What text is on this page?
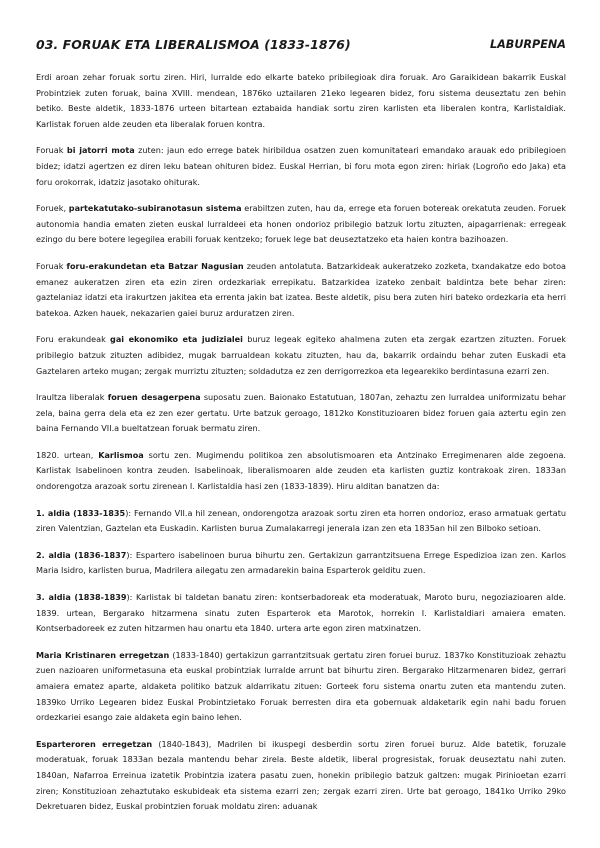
03. FORUAK ETA LIBERALISMOA (1833-1876)	LABURPENA

Erdi aroan zehar foruak sortu ziren. Hiri, lurralde edo elkarte bateko pribilegioak dira foruak. Aro Garaikidean bakarrik Euskal Probintziek zuten foruak, baina XVIII. mendean, 1876ko uztailaren 21eko legearen bidez, foru sistema deuseztatu zen behin betiko. Beste aldetik, 1833-1876 urteen bitartean eztabaida handiak sortu ziren karlisten eta liberalen kontra, Karlistaldiak. Karlistak foruen alde zeuden eta liberalak foruen kontra.

Foruak bi jatorri mota zuten: jaun edo errege batek hiribildua osatzen zuen komunitateari emandako arauak edo pribilegioen bidez; idatzi agertzen ez diren leku batean ohituren bidez. Euskal Herrian, bi foru mota egon ziren: hiriak (Logroño edo Jaka) eta foru orokorrak, idatziz jasotako ohiturak.

Foruek, partekatutako-subiranotasun sistema erabiltzen zuten, hau da, errege eta foruen botereak orekatuta zeuden. Foruek autonomia handia ematen zieten euskal lurraldeei eta honen ondorioz pribilegio batzuk lortu zituzten, aipagarrienak: erregeak ezingo du bere botere legegilea erabili foruak kentzeko; foruek lege bat deuseztatzeko eta haien kontra bazihoazen.

Foruak foru-erakundetan eta Batzar Nagusian zeuden antolatuta. Batzarkideak aukeratzeko zozketa, txandakatze edo botoa emanez aukeratzen ziren eta ezin ziren ordezkariak errepikatu. Batzarkidea izateko zenbait baldintza bete behar ziren: gaztelaniaz idatzi eta irakurtzen jakitea eta errenta jakin bat izatea. Beste aldetik, pisu bera zuten hiri bateko ordezkaria eta herri batekoa. Azken hauek, nekazarien gaiei buruz arduratzen ziren.

Foru erakundeak gai ekonomiko eta judizialei buruz legeak egiteko ahalmena zuten eta zergak ezartzen zituzten. Foruek pribilegio batzuk zituzten adibidez, mugak barrualdean kokatu zituzten, hau da, bakarrik ordaindu behar zuten Euskadi eta Gaztelaren arteko mugan; zergak murriztu zituzten; soldadutza ez zen derrigorrezkoa eta legearekiko berdintasuna ezarri zen.

Iraultza liberalak foruen desagerpena suposatu zuen. Baionako Estatutuan, 1807an, zehaztu zen lurraldea uniformizatu behar zela, baina gerra dela eta ez zen ezer gertatu. Urte batzuk geroago, 1812ko Konstituzioaren bidez foruen gaia aztertu egin zen baina Fernando VII.a bueltatzean foruak bermatu ziren.

1820. urtean, Karlismoa sortu zen. Mugimendu politikoa zen absolutismoaren eta Antzinako Erregimenaren alde zegoena. Karlistak Isabelinoen kontra zeuden. Isabelinoak, liberalismoaren alde zeuden eta karlisten guztiz kontrakoak ziren. 1833an ondorengotza arazoak sortu zirenean I. Karlistaldia hasi zen (1833-1839). Hiru alditan banatzen da:

1. aldia (1833-1835): Fernando VII.a hil zenean, ondorengotza arazoak sortu ziren eta horren ondorioz, eraso armatuak gertatu ziren Valentzian, Gaztelan eta Euskadin. Karlisten burua Zumalakarregi jenerala izan zen eta 1835an hil zen Bilboko setioan.

2. aldia (1836-1837): Espartero isabelinoen burua bihurtu zen. Gertakizun garrantzitsuena Erregе Espedizioa izan zen. Karlos Maria Isidro, karlisten burua, Madrilera ailegatu zen armadarekin baina Esparterok gelditu zuen.

3. aldia (1838-1839): Karlistak bi taldetan banatu ziren: kontserbadoreak eta moderatuak, Maroto buru, negoziazioaren alde. 1839. urtean, Bergarako hitzarmena sinatu zuten Esparterok eta Marotok, horrekin I. Karlistaldiari amaiera ematen. Kontserbadoreek ez zuten hitzarmen hau onartu eta 1840. urtera arte egon ziren matxinatzen.

Maria Kristinaren erregetzan (1833-1840) gertakizun garrantzitsuak gertatu ziren foruei buruz. 1837ko Konstituzioak zehaztu zuen nazioaren uniformetasuna eta euskal probintziak lurralde arrunt bat bihurtu ziren. Bergarako Hitzarmenaren bidez, gerrari amaiera ematez aparte, aldaketa politiko batzuk aldarrikatu zituen: Gorteek foru sistema onartu zuten eta mantendu zuten. 1839ko Urriko Legearen bidez Euskal Probintzietako Foruak berresten dira eta gobernuak aldaketarik egin nahi badu foruen ordezkariei esango zaie aldaketa egin baino lehen.

Esparteroren erregetzan (1840-1843), Madrilen bi ikuspegi desberdin sortu ziren foruei buruz. Alde batetik, foruzale moderatuak, foruak 1833an bezala mantendu behar zirela. Beste aldetik, liberal progresistak, foruak deuseztatu nahi zuten. 1840an, Nafarroa Erreinua izatetik Probintzia izatera pasatu zuen, honekin pribilegio batzuk galtzen: mugak Pirinioetan ezarri ziren; Konstituzioan zehaztutako eskubideak eta sistema ezarri zen; zergak ezarri ziren. Urte bat geroago, 1841ko Urriko 29ko Dekretuaren bidez, Euskal probintzien foruak moldatu ziren: aduanak
